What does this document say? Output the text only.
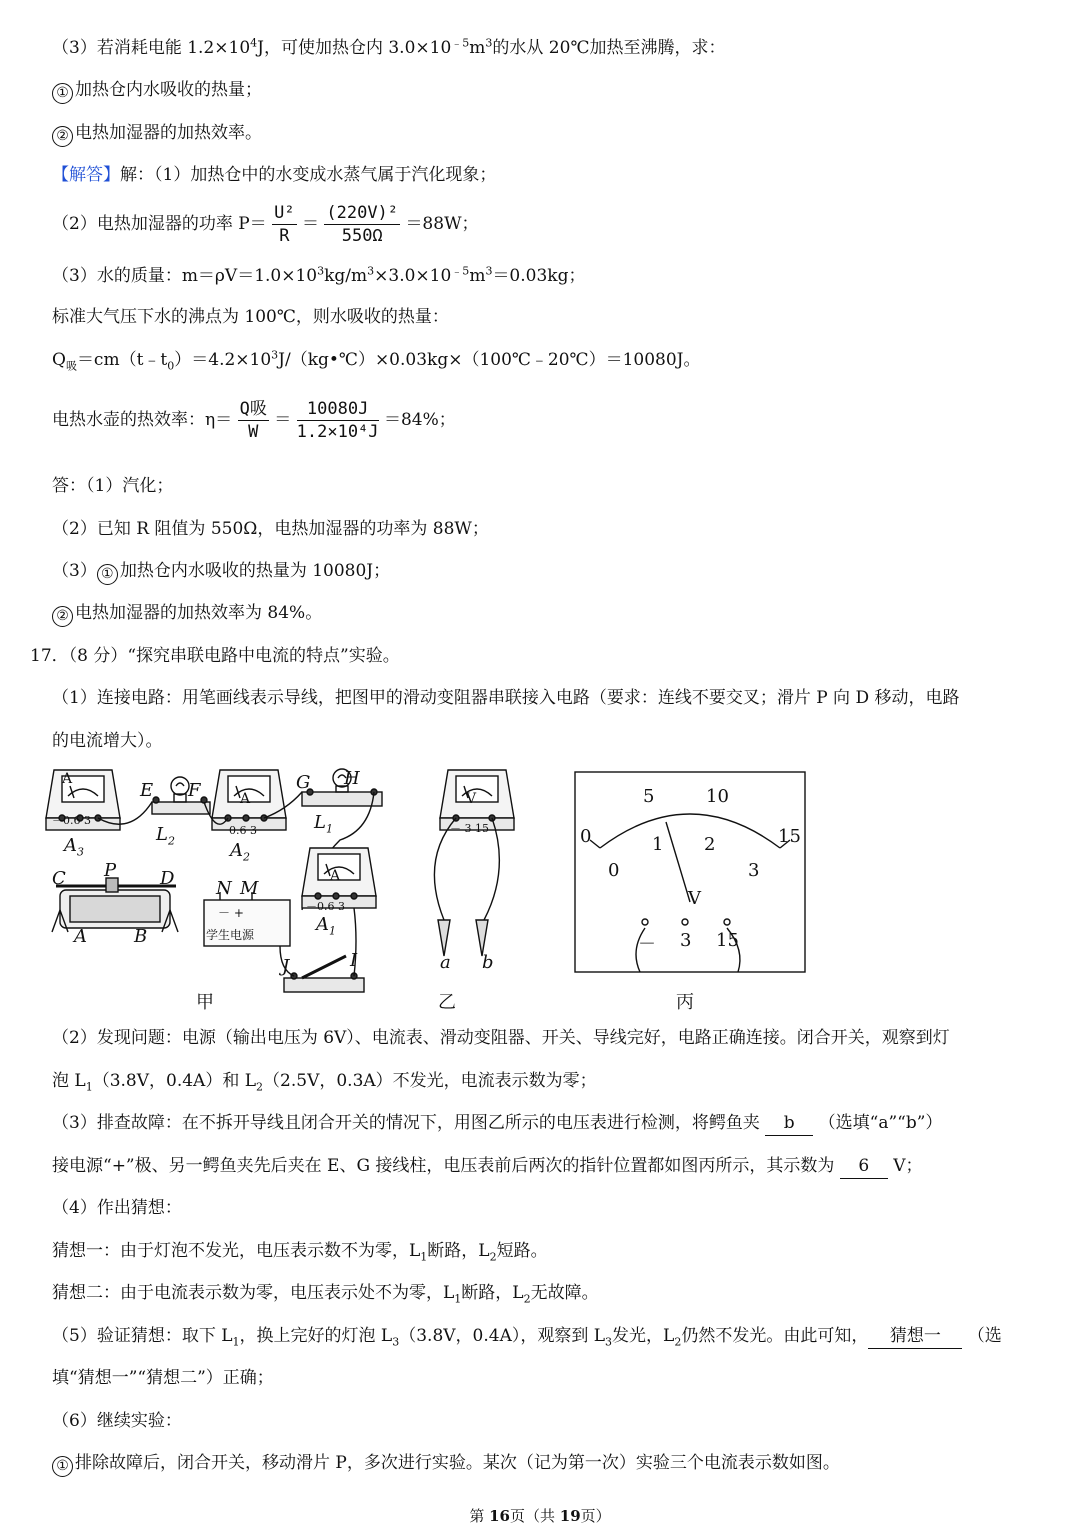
（3）若消耗电能 $1.2\times 10^4J$，可使加热仓内 $3.0\times 10^{﹣5}m^3$的水从 20℃加热至沸腾，求：
① 加热仓内水吸收的热量；
② 电热加湿器的加热效率。
【解答】解：（1）加热仓中的水变成水蒸气属于汽化现象；
（2）电热加湿器的功率 $P= \frac{\text{U²}}{R} = \frac{\text{(220V)²}}{550\Omega} =88W$；
（3）水的质量：$m=\rho V=1.0\times 10^3kg/m^3\times 3.0\times 10^{﹣5}m^3=0.03kg$；
标准大气压下水的沸点为 100℃，则水吸收的热量：
$Q_吸=cm(t﹣t_0)=4.2\times 10^3J/(kg•℃)\times 0.03kg\times(100℃﹣20℃)=10080J$。
电热水壶的热效率：$\eta= \frac{\text{Q吸}}{W} = \frac{10080J}{\text{1.2×10⁴J}} =84\%$；
答：（1）汽化；
（2）已知 R 阻值为 550Ω，电热加湿器的功率为 88W；
（3） ① 加热仓内水吸收的热量为 10080J；
② 电热加湿器的加热效率为 84%。
17．（8 分）“探究串联电路中电流的特点”实验。
（1）连接电路：用笔画线表示导线，把图甲的滑动变阻器串联接入电路（要求：连线不要交叉；滑片 P 向 D 移动，电路
的电流增大）。
A
－0.6 3
$A_3$
E F
$L_2$
A
－0.6 3
$A_2$
G H
$L_1$
A
－0.6 3
$A_1$
C P D
A	B
N M
－ +
学生电源
J	I
V
－ 3 15
a b
0
5	10
15
0
1 2
3
V
－ 3 15
甲	乙	丙
（2）发现问题：电源（输出电压为 6V）、电流表、滑动变阻器、开关、导线完好，电路正确连接。闭合开关，观察到灯
泡 $L_1(3.8V$，0.4A）和 $L_2(2.5V$，0.3A）不发光，电流表示数为零；
（3）排查故障：在不拆开导线且闭合开关的情况下，用图乙所示的电压表进行检测，将鳄鱼夹 b （选填“a”“b”）
接电源“+”极、另一鳄鱼夹先后夹在 E、G 接线柱，电压表前后两次的指针位置都如图丙所示，其示数为 6 V；
（4）作出猜想：
猜想一：由于灯泡不发光，电压表示数不为零，$L_1$断路，$L_2$短路。
猜想二：由于电流表示数为零，电压表示处不为零，$L_1$断路，$L_2$无故障。
（5）验证猜想：取下 $L_1$，换上完好的灯泡 $L_3(3.8V$，0.4A），观察到 $L_3$发光，$L_2$仍然不发光。由此可知， 猜想一 （选
填“猜想一”“猜想二”）正确；
（6）继续实验：
① 排除故障后，闭合开关，移动滑片 P，多次进行实验。某次（记为第一次）实验三个电流表示数如图。
第 16页（共 19页）
